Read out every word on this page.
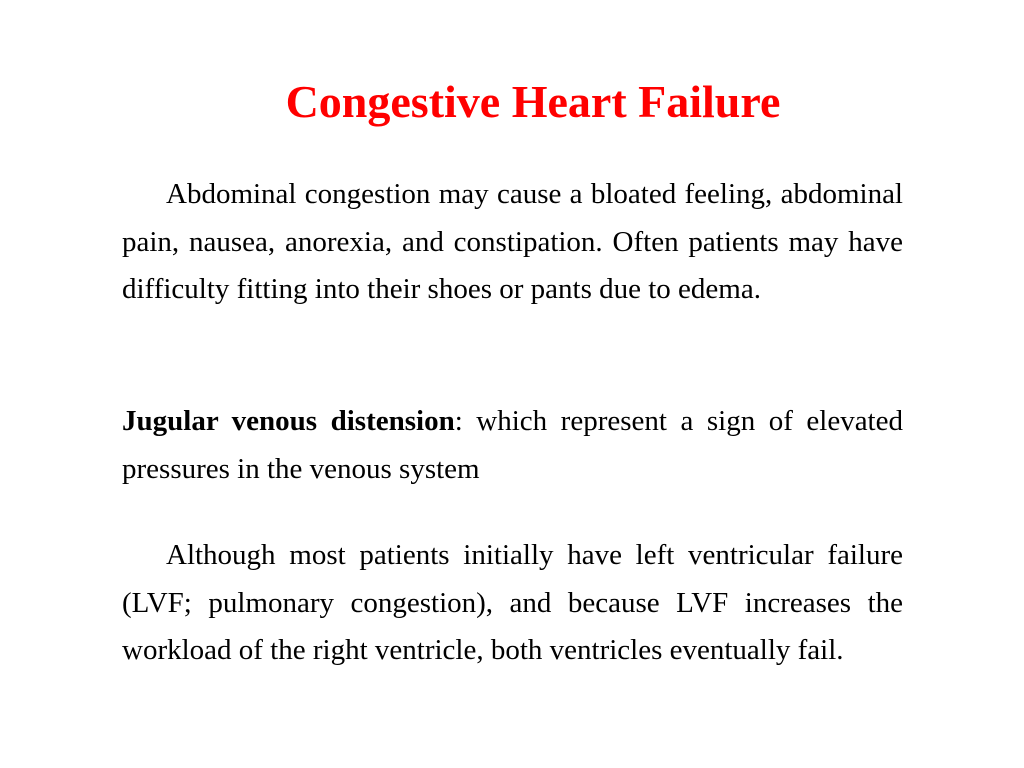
Congestive Heart Failure

Abdominal congestion may cause a bloated feeling, abdominal pain, nausea, anorexia, and constipation. Often patients may have difficulty fitting into their shoes or pants due to edema.

Jugular venous distension: which represent a sign of elevated pressures in the venous system

Although most patients initially have left ventricular failure (LVF; pulmonary congestion), and because LVF increases the workload of the right ventricle, both ventricles eventually fail.
